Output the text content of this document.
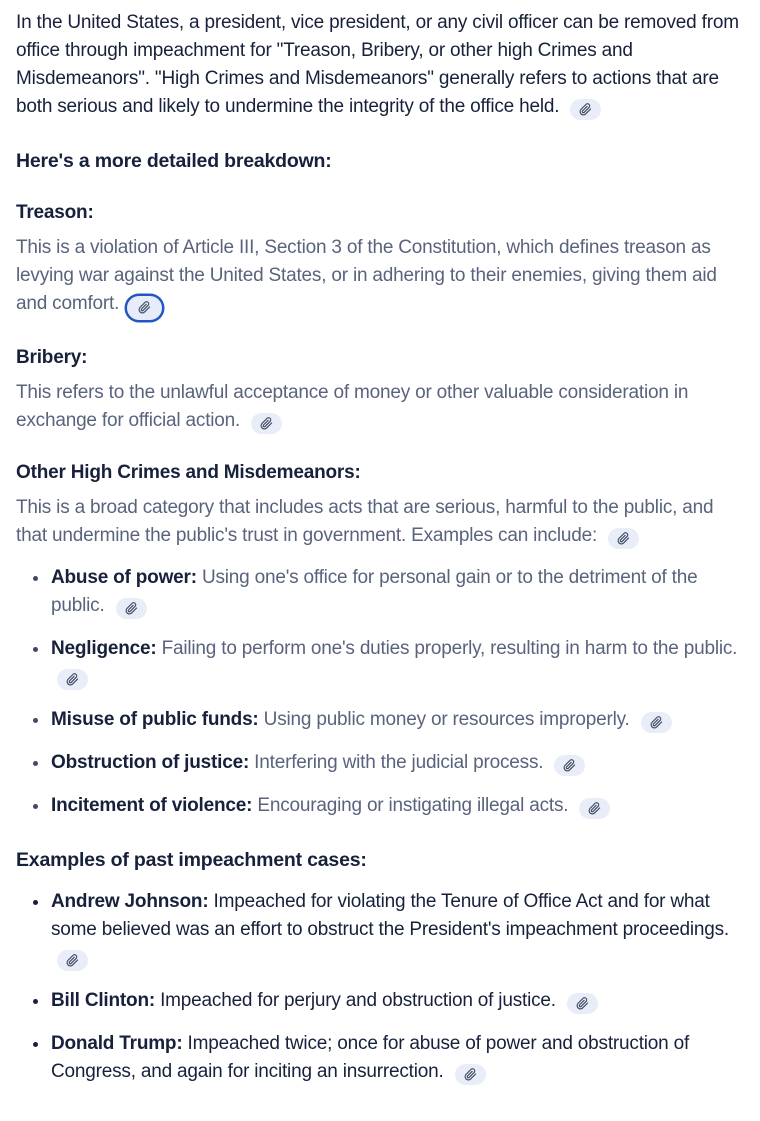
In the United States, a president, vice president, or any civil officer can be removed from office through impeachment for "Treason, Bribery, or other high Crimes and Misdemeanors". "High Crimes and Misdemeanors" generally refers to actions that are both serious and likely to undermine the integrity of the office held.

Here's a more detailed breakdown:
Treason:

This is a violation of Article III, Section 3 of the Constitution, which defines treason as levying war against the United States, or in adhering to their enemies, giving them aid and comfort.

Bribery:

This refers to the unlawful acceptance of money or other valuable consideration in exchange for official action.

Other High Crimes and Misdemeanors:

This is a broad category that includes acts that are serious, harmful to the public, and that undermine the public's trust in government. Examples can include:

Abuse of power: Using one's office for personal gain or to the detriment of the public.
Negligence: Failing to perform one's duties properly, resulting in harm to the public.
Misuse of public funds: Using public money or resources improperly.
Obstruction of justice: Interfering with the judicial process.
Incitement of violence: Encouraging or instigating illegal acts.
Examples of past impeachment cases:
Andrew Johnson: Impeached for violating the Tenure of Office Act and for what some believed was an effort to obstruct the President's impeachment proceedings.
Bill Clinton: Impeached for perjury and obstruction of justice.
Donald Trump: Impeached twice; once for abuse of power and obstruction of Congress, and again for inciting an insurrection.
